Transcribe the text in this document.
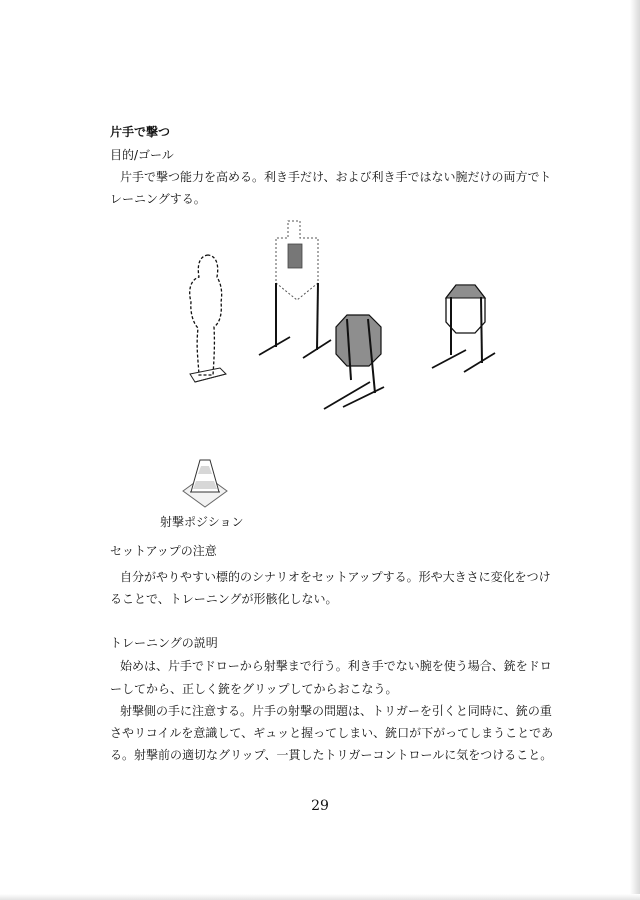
片手で撃つ
目的/ゴール
片手で撃つ能力を高める。利き手だけ、および利き手ではない腕だけの両方でト
レーニングする。
射撃ポジション
セットアップの注意
自分がやりやすい標的のシナリオをセットアップする。形や大きさに変化をつけ
ることで、トレーニングが形骸化しない。
トレーニングの説明
始めは、片手でドローから射撃まで行う。利き手でない腕を使う場合、銃をドロ
ーしてから、正しく銃をグリップしてからおこなう。
射撃側の手に注意する。片手の射撃の問題は、トリガーを引くと同時に、銃の重
さやリコイルを意識して、ギュッと握ってしまい、銃口が下がってしまうことであ
る。射撃前の適切なグリップ、一貫したトリガーコントロールに気をつけること。
29
